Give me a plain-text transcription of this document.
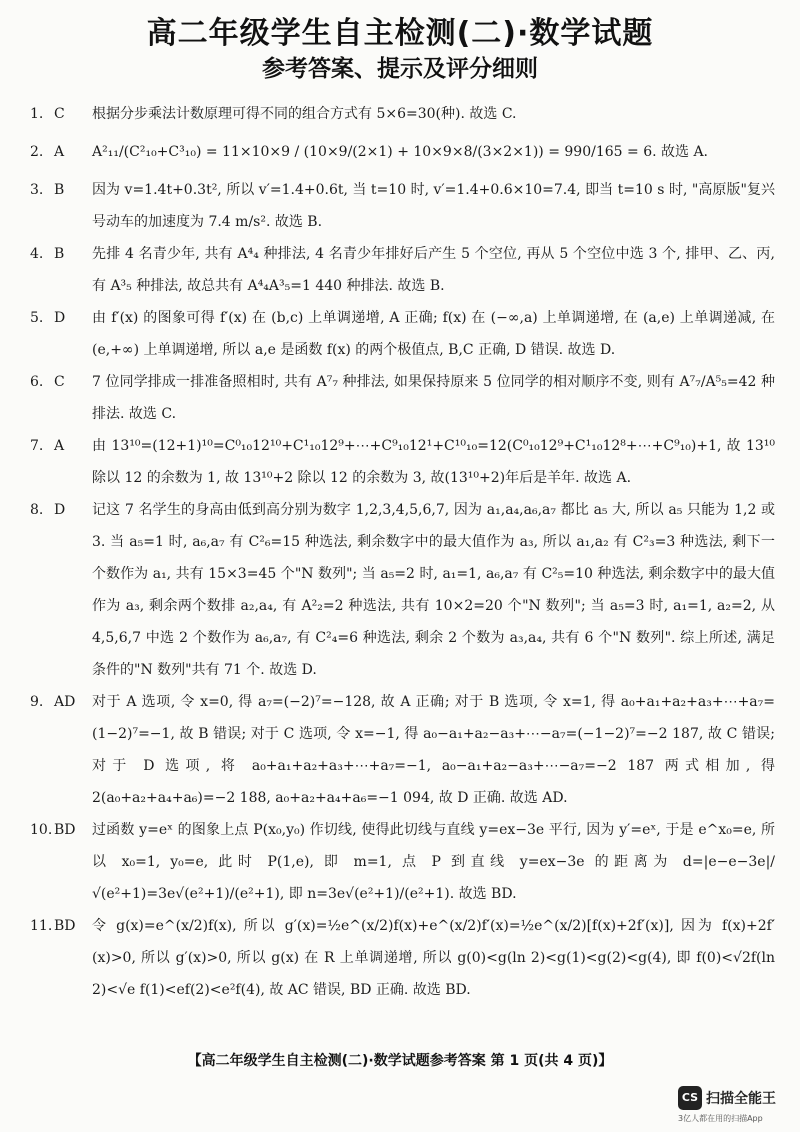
高二年级学生自主检测(二)·数学试题
参考答案、提示及评分细则
1. C	根据分步乘法计数原理可得不同的组合方式有 5×6=30(种). 故选 C.
2. A	A²₁₁/(C²₁₀+C³₁₀) = 11×10×9 / (10×9/(2×1) + 10×9×8/(3×2×1)) = 990/165 = 6. 故选 A.
3. B	因为 v=1.4t+0.3t², 所以 v′=1.4+0.6t, 当 t=10 时, v′=1.4+0.6×10=7.4, 即当 t=10 s 时, "高原版"复兴号动车的加速度为 7.4 m/s². 故选 B.
4. B	先排 4 名青少年, 共有 A⁴₄ 种排法, 4 名青少年排好后产生 5 个空位, 再从 5 个空位中选 3 个, 排甲、乙、丙, 有 A³₅ 种排法, 故总共有 A⁴₄A³₅=1 440 种排法. 故选 B.
5. D	由 f′(x) 的图象可得 f′(x) 在 (b,c) 上单调递增, A 正确; f(x) 在 (−∞,a) 上单调递增, 在 (a,e) 上单调递减, 在 (e,+∞) 上单调递增, 所以 a,e 是函数 f(x) 的两个极值点, B,C 正确, D 错误. 故选 D.
6. C	7 位同学排成一排准备照相时, 共有 A⁷₇ 种排法, 如果保持原来 5 位同学的相对顺序不变, 则有 A⁷₇/A⁵₅=42 种排法. 故选 C.
7. A	由 13¹⁰=(12+1)¹⁰=C⁰₁₀12¹⁰+C¹₁₀12⁹+⋯+C⁹₁₀12¹+C¹⁰₁₀=12(C⁰₁₀12⁹+C¹₁₀12⁸+⋯+C⁹₁₀)+1, 故 13¹⁰ 除以 12 的余数为 1, 故 13¹⁰+2 除以 12 的余数为 3, 故(13¹⁰+2)年后是羊年. 故选 A.
8. D	记这 7 名学生的身高由低到高分别为数字 1,2,3,4,5,6,7, 因为 a₁,a₄,a₆,a₇ 都比 a₅ 大, 所以 a₅ 只能为 1,2 或 3. 当 a₅=1 时, a₆,a₇ 有 C²₆=15 种选法, 剩余数字中的最大值作为 a₃, 所以 a₁,a₂ 有 C²₃=3 种选法, 剩下一个数作为 a₁, 共有 15×3=45 个"N 数列"; 当 a₅=2 时, a₁=1, a₆,a₇ 有 C²₅=10 种选法, 剩余数字中的最大值作为 a₃, 剩余两个数排 a₂,a₄, 有 A²₂=2 种选法, 共有 10×2=20 个"N 数列"; 当 a₅=3 时, a₁=1, a₂=2, 从 4,5,6,7 中选 2 个数作为 a₆,a₇, 有 C²₄=6 种选法, 剩余 2 个数为 a₃,a₄, 共有 6 个"N 数列". 综上所述, 满足条件的"N 数列"共有 71 个. 故选 D.
9. AD	对于 A 选项, 令 x=0, 得 a₇=(−2)⁷=−128, 故 A 正确; 对于 B 选项, 令 x=1, 得 a₀+a₁+a₂+a₃+⋯+a₇=(1−2)⁷=−1, 故 B 错误; 对于 C 选项, 令 x=−1, 得 a₀−a₁+a₂−a₃+⋯−a₇=(−1−2)⁷=−2 187, 故 C 错误; 对于 D 选项, 将 a₀+a₁+a₂+a₃+⋯+a₇=−1, a₀−a₁+a₂−a₃+⋯−a₇=−2 187 两式相加, 得 2(a₀+a₂+a₄+a₆)=−2 188, a₀+a₂+a₄+a₆=−1 094, 故 D 正确. 故选 AD.
10. BD	过函数 y=eˣ 的图象上点 P(x₀,y₀) 作切线, 使得此切线与直线 y=ex−3e 平行, 因为 y′=eˣ, 于是 e^x₀=e, 所以 x₀=1, y₀=e, 此时 P(1,e), 即 m=1, 点 P 到直线 y=ex−3e 的距离为 d=|e−e−3e|/√(e²+1)=3e√(e²+1)/(e²+1), 即 n=3e√(e²+1)/(e²+1). 故选 BD.
11. BD	令 g(x)=e^(x/2)f(x), 所以 g′(x)=½e^(x/2)f(x)+e^(x/2)f′(x)=½e^(x/2)[f(x)+2f′(x)], 因为 f(x)+2f′(x)>0, 所以 g′(x)>0, 所以 g(x) 在 R 上单调递增, 所以 g(0)<g(ln 2)<g(1)<g(2)<g(4), 即 f(0)<√2f(ln 2)<√e f(1)<ef(2)<e²f(4), 故 AC 错误, BD 正确. 故选 BD.
【高二年级学生自主检测(二)·数学试题参考答案 第 1 页(共 4 页)】
CS 扫描全能王
3亿人都在用的扫描App
